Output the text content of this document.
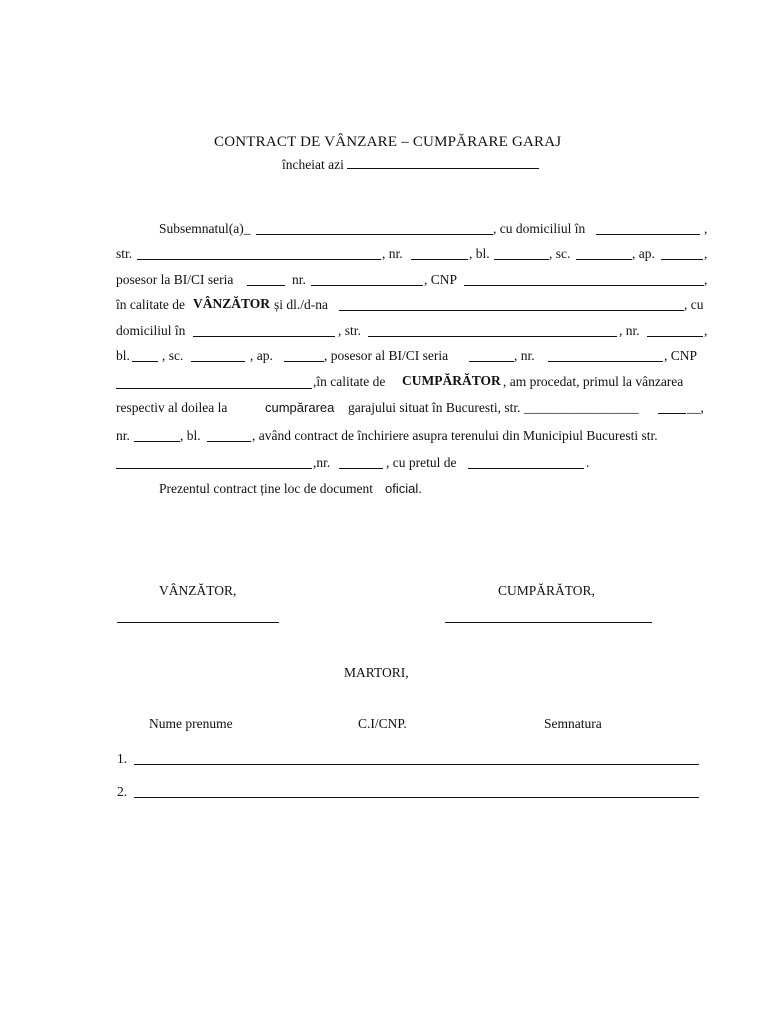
CONTRACT DE VÂNZARE – CUMPĂRARE GARAJ
încheiat azi
Subsemnatul(a)_	, cu domiciliul în	,
str.	, nr.	, bl.	, sc.	, ap.	,
posesor la BI/CI seria	nr.	, CNP	,
în calitate de VÂNZĂTOR și dl./d-na	, cu
domiciliul în	, str.	, nr.	,
bl. , sc.	, ap.	, posesor al BI/CI seria	, nr.	, CNP
,în calitate de CUMPĂRĂTOR , am procedat, primul la vânzarea
respectiv al doilea la	cumpărarea garajului situat în Bucuresti, str. _________________	__,
nr.	, bl.	, având contract de închiriere asupra terenului din Municipiul Bucuresti str.
,nr.	, cu pretul de	.
Prezentul contract ține loc de document oficial.
VÂNZĂTOR,	CUMPĂRĂTOR,
MARTORI,
Nume prenume	C.I/CNP.	Semnatura
1.
2.
